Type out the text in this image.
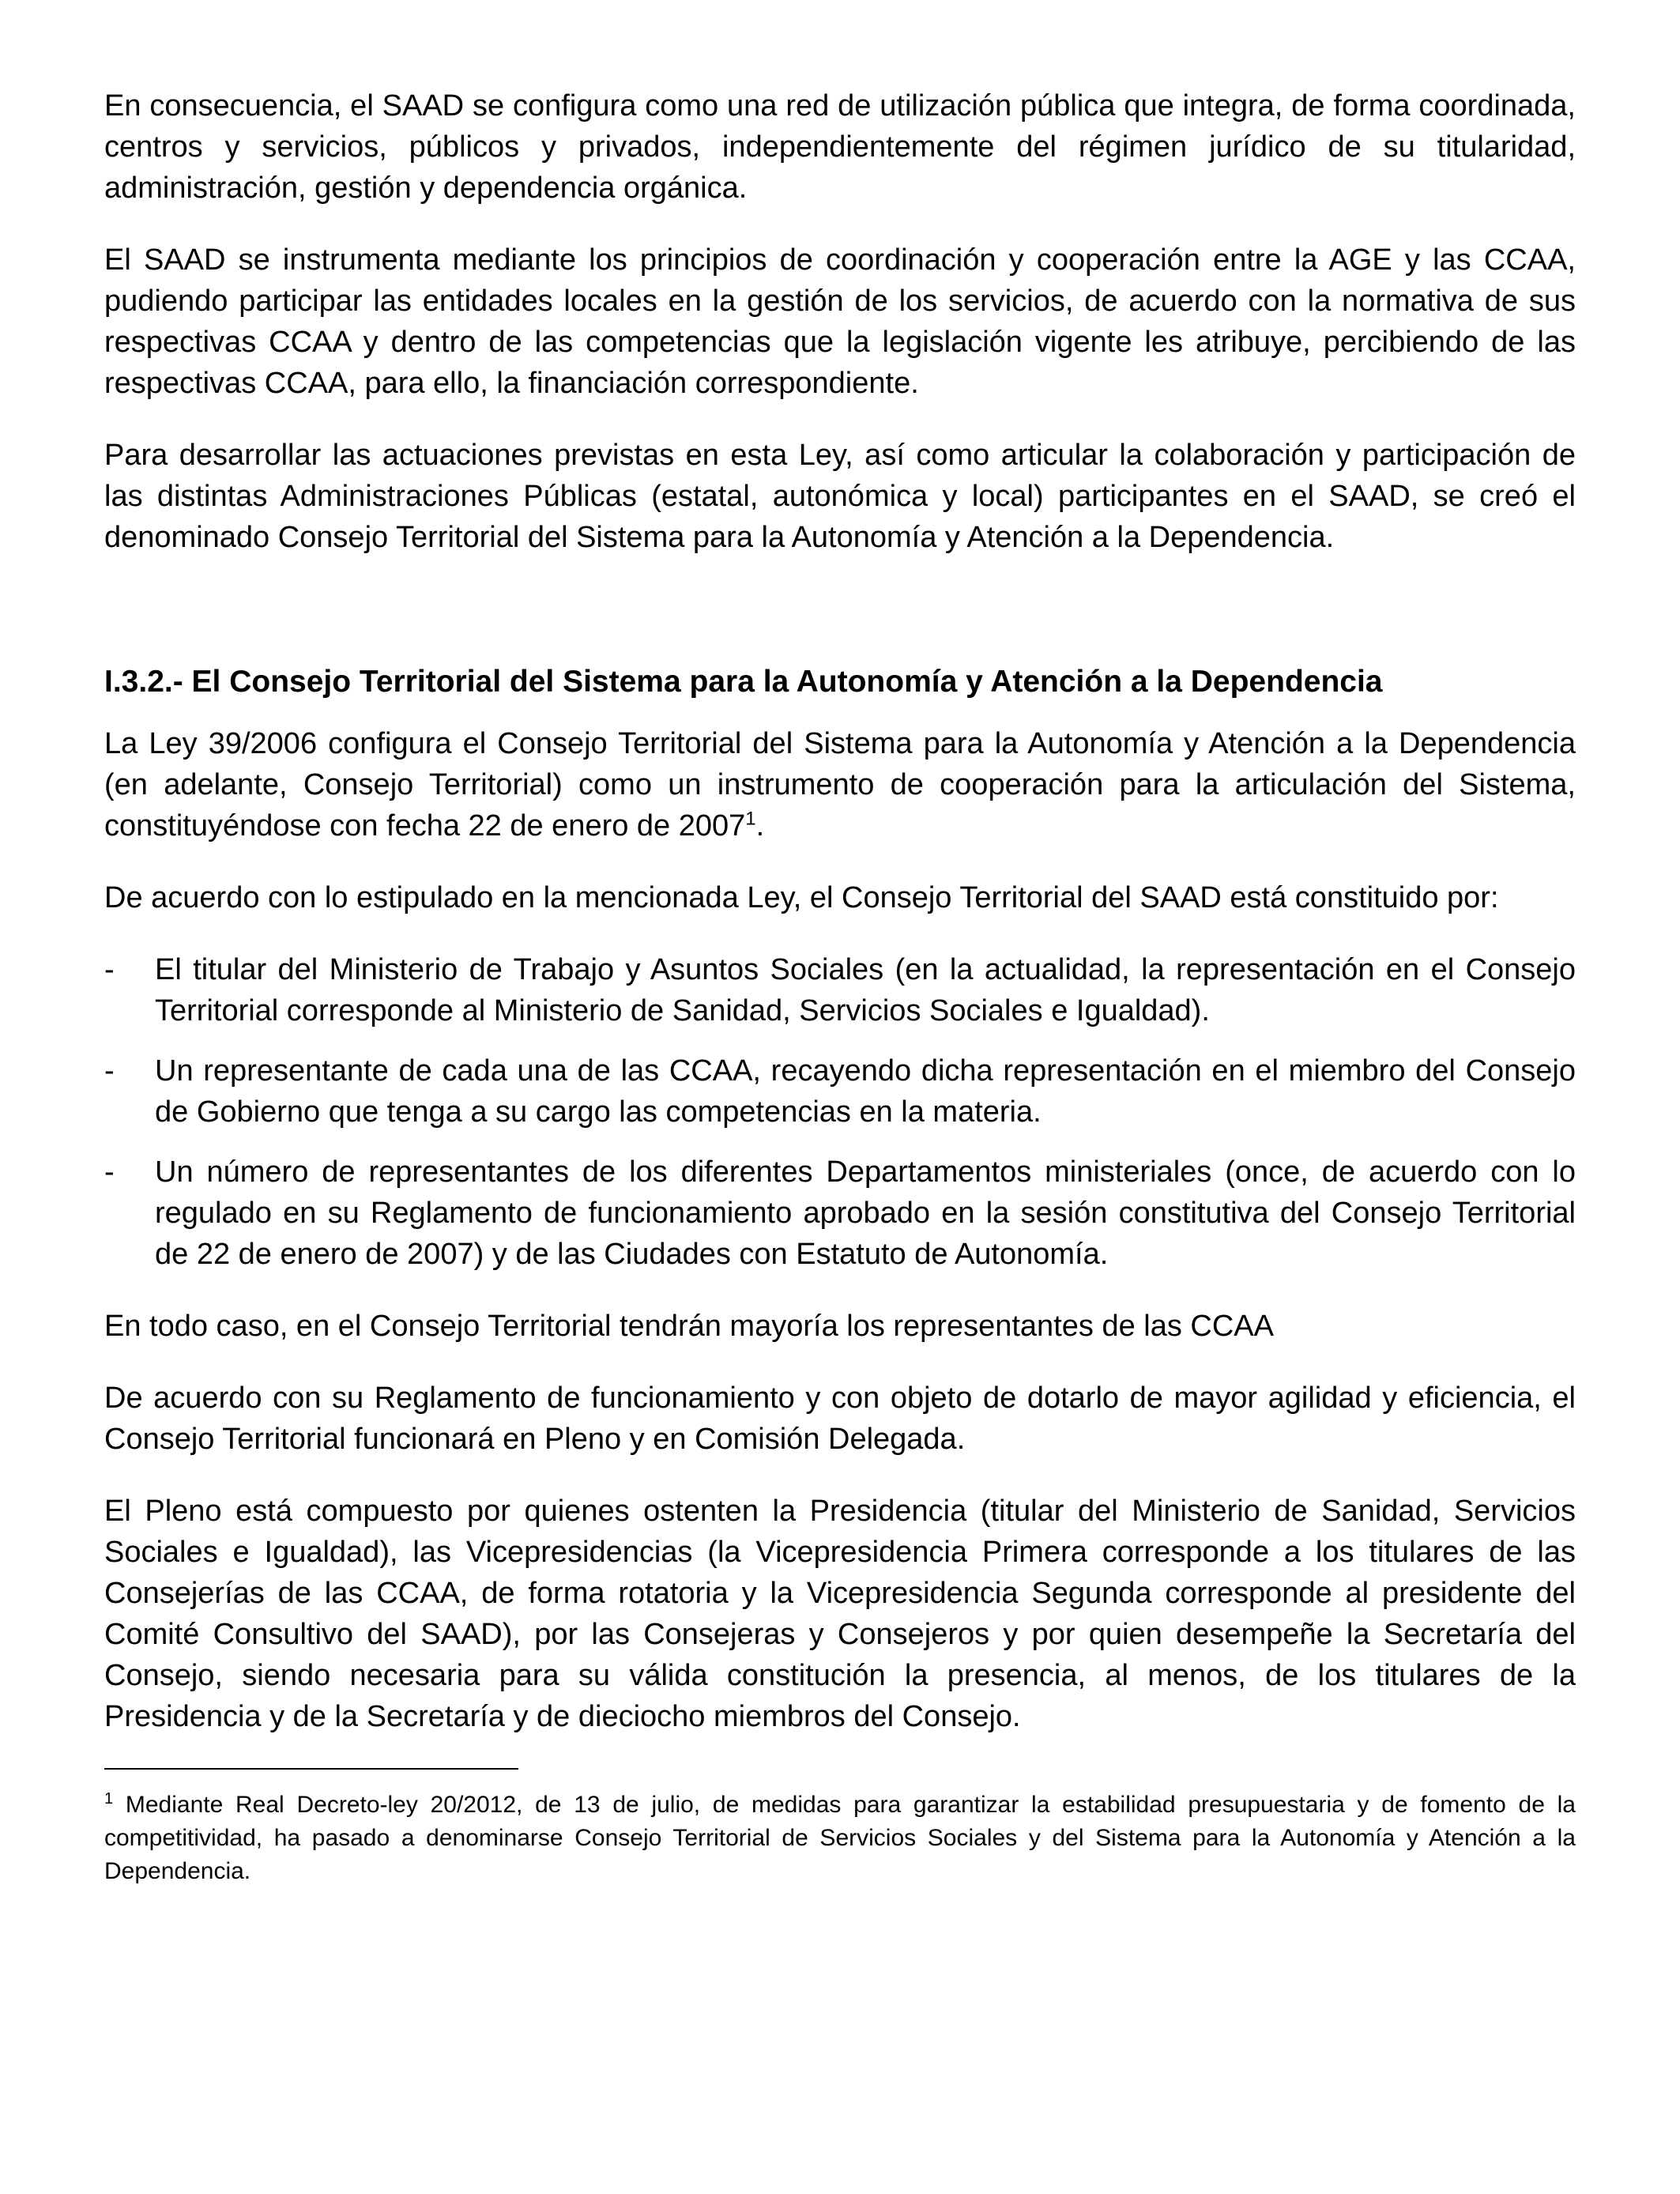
En consecuencia, el SAAD se configura como una red de utilización pública que integra, de forma coordinada, centros y servicios, públicos y privados, independientemente del régimen jurídico de su titularidad, administración, gestión y dependencia orgánica.

El SAAD se instrumenta mediante los principios de coordinación y cooperación entre la AGE y las CCAA, pudiendo participar las entidades locales en la gestión de los servicios, de acuerdo con la normativa de sus respectivas CCAA y dentro de las competencias que la legislación vigente les atribuye, percibiendo de las respectivas CCAA, para ello, la financiación correspondiente.

Para desarrollar las actuaciones previstas en esta Ley, así como articular la colaboración y participación de las distintas Administraciones Públicas (estatal, autonómica y local) participantes en el SAAD, se creó el denominado Consejo Territorial del Sistema para la Autonomía y Atención a la Dependencia.

I.3.2.- El Consejo Territorial del Sistema para la Autonomía y Atención a la Dependencia

La Ley 39/2006 configura el Consejo Territorial del Sistema para la Autonomía y Atención a la Dependencia (en adelante, Consejo Territorial) como un instrumento de cooperación para la articulación del Sistema, constituyéndose con fecha 22 de enero de 2007$^1$.

De acuerdo con lo estipulado en la mencionada Ley, el Consejo Territorial del SAAD está constituido por:

- El titular del Ministerio de Trabajo y Asuntos Sociales (en la actualidad, la representación en el Consejo Territorial corresponde al Ministerio de Sanidad, Servicios Sociales e Igualdad).
- Un representante de cada una de las CCAA, recayendo dicha representación en el miembro del Consejo de Gobierno que tenga a su cargo las competencias en la materia.
- Un número de representantes de los diferentes Departamentos ministeriales (once, de acuerdo con lo regulado en su Reglamento de funcionamiento aprobado en la sesión constitutiva del Consejo Territorial de 22 de enero de 2007) y de las Ciudades con Estatuto de Autonomía.

En todo caso, en el Consejo Territorial tendrán mayoría los representantes de las CCAA

De acuerdo con su Reglamento de funcionamiento y con objeto de dotarlo de mayor agilidad y eficiencia, el Consejo Territorial funcionará en Pleno y en Comisión Delegada.

El Pleno está compuesto por quienes ostenten la Presidencia (titular del Ministerio de Sanidad, Servicios Sociales e Igualdad), las Vicepresidencias (la Vicepresidencia Primera corresponde a los titulares de las Consejerías de las CCAA, de forma rotatoria y la Vicepresidencia Segunda corresponde al presidente del Comité Consultivo del SAAD), por las Consejeras y Consejeros y por quien desempeñe la Secretaría del Consejo, siendo necesaria para su válida constitución la presencia, al menos, de los titulares de la Presidencia y de la Secretaría y de dieciocho miembros del Consejo.

$^1$ Mediante Real Decreto-ley 20/2012, de 13 de julio, de medidas para garantizar la estabilidad presupuestaria y de fomento de la competitividad, ha pasado a denominarse Consejo Territorial de Servicios Sociales y del Sistema para la Autonomía y Atención a la Dependencia.
